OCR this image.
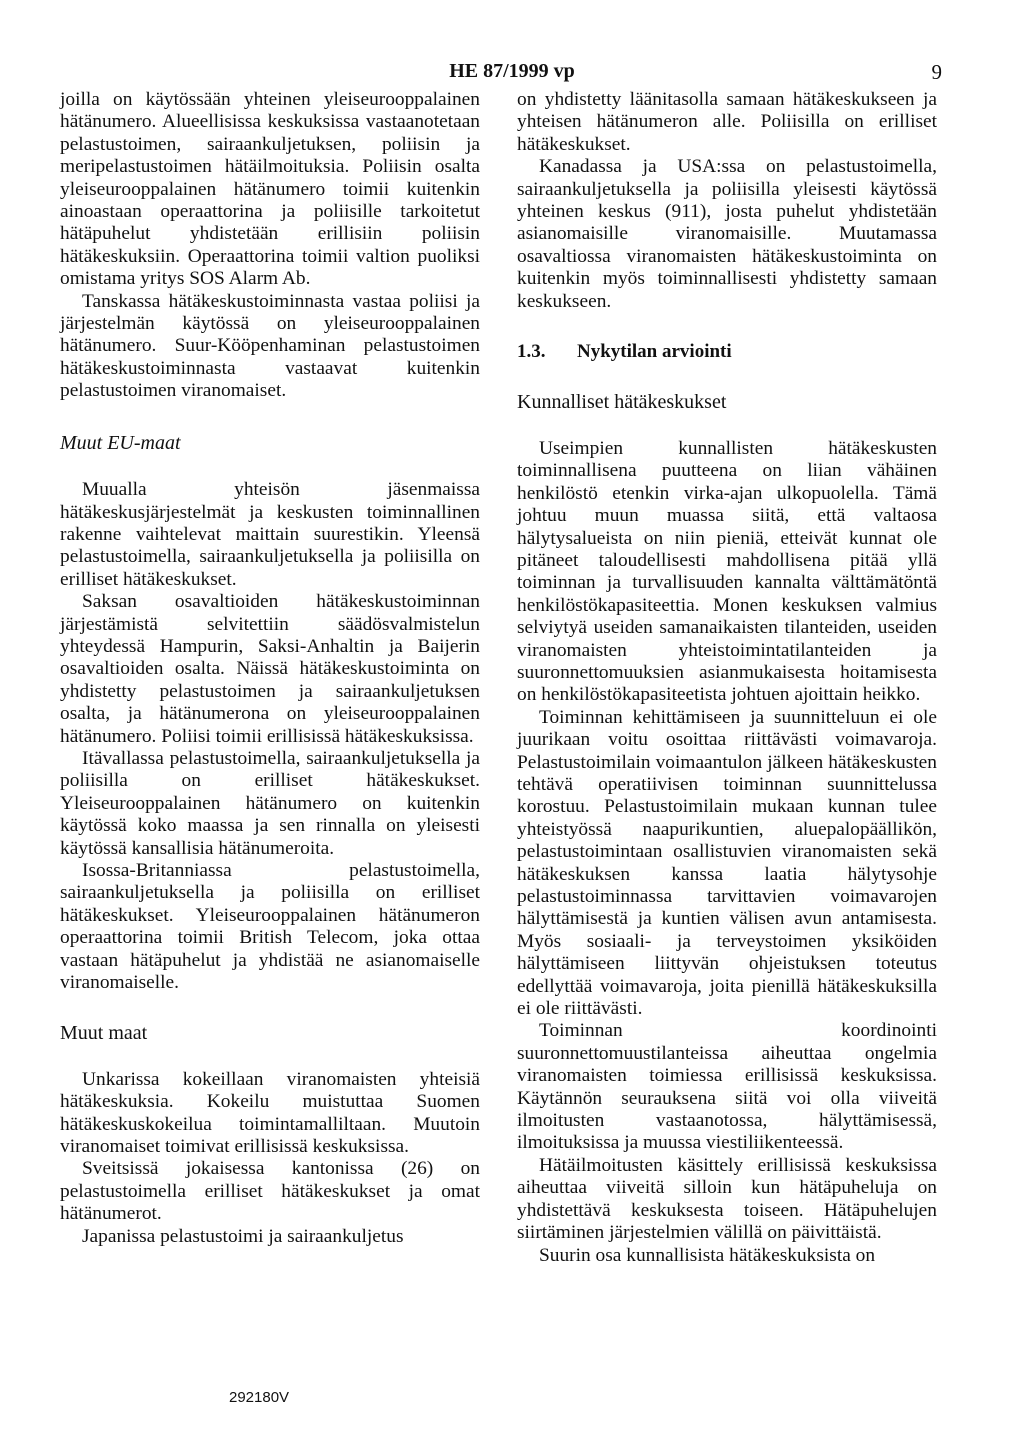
HE 87/1999 vp	9

joilla on käytössään yhteinen yleiseurooppalainen hätänumero. Alueellisissa keskuksissa vastaanotetaan pelastustoimen, sairaankuljetuksen, poliisin ja meripelastustoimen hätäilmoituksia. Poliisin osalta yleiseurooppalainen hätänumero toimii kuitenkin ainoastaan operaattorina ja poliisille tarkoitetut hätäpuhelut yhdistetään erillisiin poliisin hätäkeskuksiin. Operaattorina toimii valtion puoliksi omistama yritys SOS Alarm Ab.

Tanskassa hätäkeskustoiminnasta vastaa poliisi ja järjestelmän käytössä on yleiseurooppalainen hätänumero. Suur-Kööpenhaminan pelastustoimen hätäkeskustoiminnasta vastaavat kuitenkin pelastustoimen viranomaiset.

Muut EU-maat

Muualla yhteisön jäsenmaissa hätäkeskusjärjestelmät ja keskusten toiminnallinen rakenne vaihtelevat maittain suurestikin. Yleensä pelastustoimella, sairaankuljetuksella ja poliisilla on erilliset hätäkeskukset.

Saksan osavaltioiden hätäkeskustoiminnan järjestämistä selvitettiin säädösvalmistelun yhteydessä Hampurin, Saksi-Anhaltin ja Baijerin osavaltioiden osalta. Näissä hätäkeskustoiminta on yhdistetty pelastustoimen ja sairaankuljetuksen osalta, ja hätänumerona on yleiseurooppalainen hätänumero. Poliisi toimii erillisissä hätäkeskuksissa.

Itävallassa pelastustoimella, sairaankuljetuksella ja poliisilla on erilliset hätäkeskukset. Yleiseurooppalainen hätänumero on kuitenkin käytössä koko maassa ja sen rinnalla on yleisesti käytössä kansallisia hätänumeroita.

Isossa-Britanniassa pelastustoimella, sairaankuljetuksella ja poliisilla on erilliset hätäkeskukset. Yleiseurooppalainen hätänumeron operaattorina toimii British Telecom, joka ottaa vastaan hätäpuhelut ja yhdistää ne asianomaiselle viranomaiselle.

Muut maat

Unkarissa kokeillaan viranomaisten yhteisiä hätäkeskuksia. Kokeilu muistuttaa Suomen hätäkeskuskokeilua toimintamalliltaan. Muutoin viranomaiset toimivat erillisissä keskuksissa.

Sveitsissä jokaisessa kantonissa (26) on pelastustoimella erilliset hätäkeskukset ja omat hätänumerot.

Japanissa pelastustoimi ja sairaankuljetus

on yhdistetty läänitasolla samaan hätäkeskukseen ja yhteisen hätänumeron alle. Poliisilla on erilliset hätäkeskukset.

Kanadassa ja USA:ssa on pelastustoimella, sairaankuljetuksella ja poliisilla yleisesti käytössä yhteinen keskus (911), josta puhelut yhdistetään asianomaisille viranomaisille. Muutamassa osavaltiossa viranomaisten hätäkeskustoiminta on kuitenkin myös toiminnallisesti yhdistetty samaan keskukseen.

1.3. Nykytilan arviointi
Kunnalliset hätäkeskukset

Useimpien kunnallisten hätäkeskusten toiminnallisena puutteena on liian vähäinen henkilöstö etenkin virka-ajan ulkopuolella. Tämä johtuu muun muassa siitä, että valtaosa hälytysalueista on niin pieniä, etteivät kunnat ole pitäneet taloudellisesti mahdollisena pitää yllä toiminnan ja turvallisuuden kannalta välttämätöntä henkilöstökapasiteettia. Monen keskuksen valmius selviytyä useiden samanaikaisten tilanteiden, useiden viranomaisten yhteistoimintatilanteiden ja suuronnettomuuksien asianmukaisesta hoitamisesta on henkilöstökapasiteetista johtuen ajoittain heikko.

Toiminnan kehittämiseen ja suunnitteluun ei ole juurikaan voitu osoittaa riittävästi voimavaroja. Pelastustoimilain voimaantulon jälkeen hätäkeskusten tehtävä operatiivisen toiminnan suunnittelussa korostuu. Pelastustoimilain mukaan kunnan tulee yhteistyössä naapurikuntien, aluepalopäällikön, pelastustoimintaan osallistuvien viranomaisten sekä hätäkeskuksen kanssa laatia hälytysohje pelastustoiminnassa tarvittavien voimavarojen hälyttämisestä ja kuntien välisen avun antamisesta. Myös sosiaali- ja terveystoimen yksiköiden hälyttämiseen liittyvän ohjeistuksen toteutus edellyttää voimavaroja, joita pienillä hätäkeskuksilla ei ole riittävästi.

Toiminnan koordinointi suuronnettomuustilanteissa aiheuttaa ongelmia viranomaisten toimiessa erillisissä keskuksissa. Käytännön seurauksena siitä voi olla viiveitä ilmoitusten vastaanotossa, hälyttämisessä, ilmoituksissa ja muussa viestiliikenteessä.

Hätäilmoitusten käsittely erillisissä keskuksissa aiheuttaa viiveitä silloin kun hätäpuheluja on yhdistettävä keskuksesta toiseen. Hätäpuhelujen siirtäminen järjestelmien välillä on päivittäistä.

Suurin osa kunnallisista hätäkeskuksista on

292180V
